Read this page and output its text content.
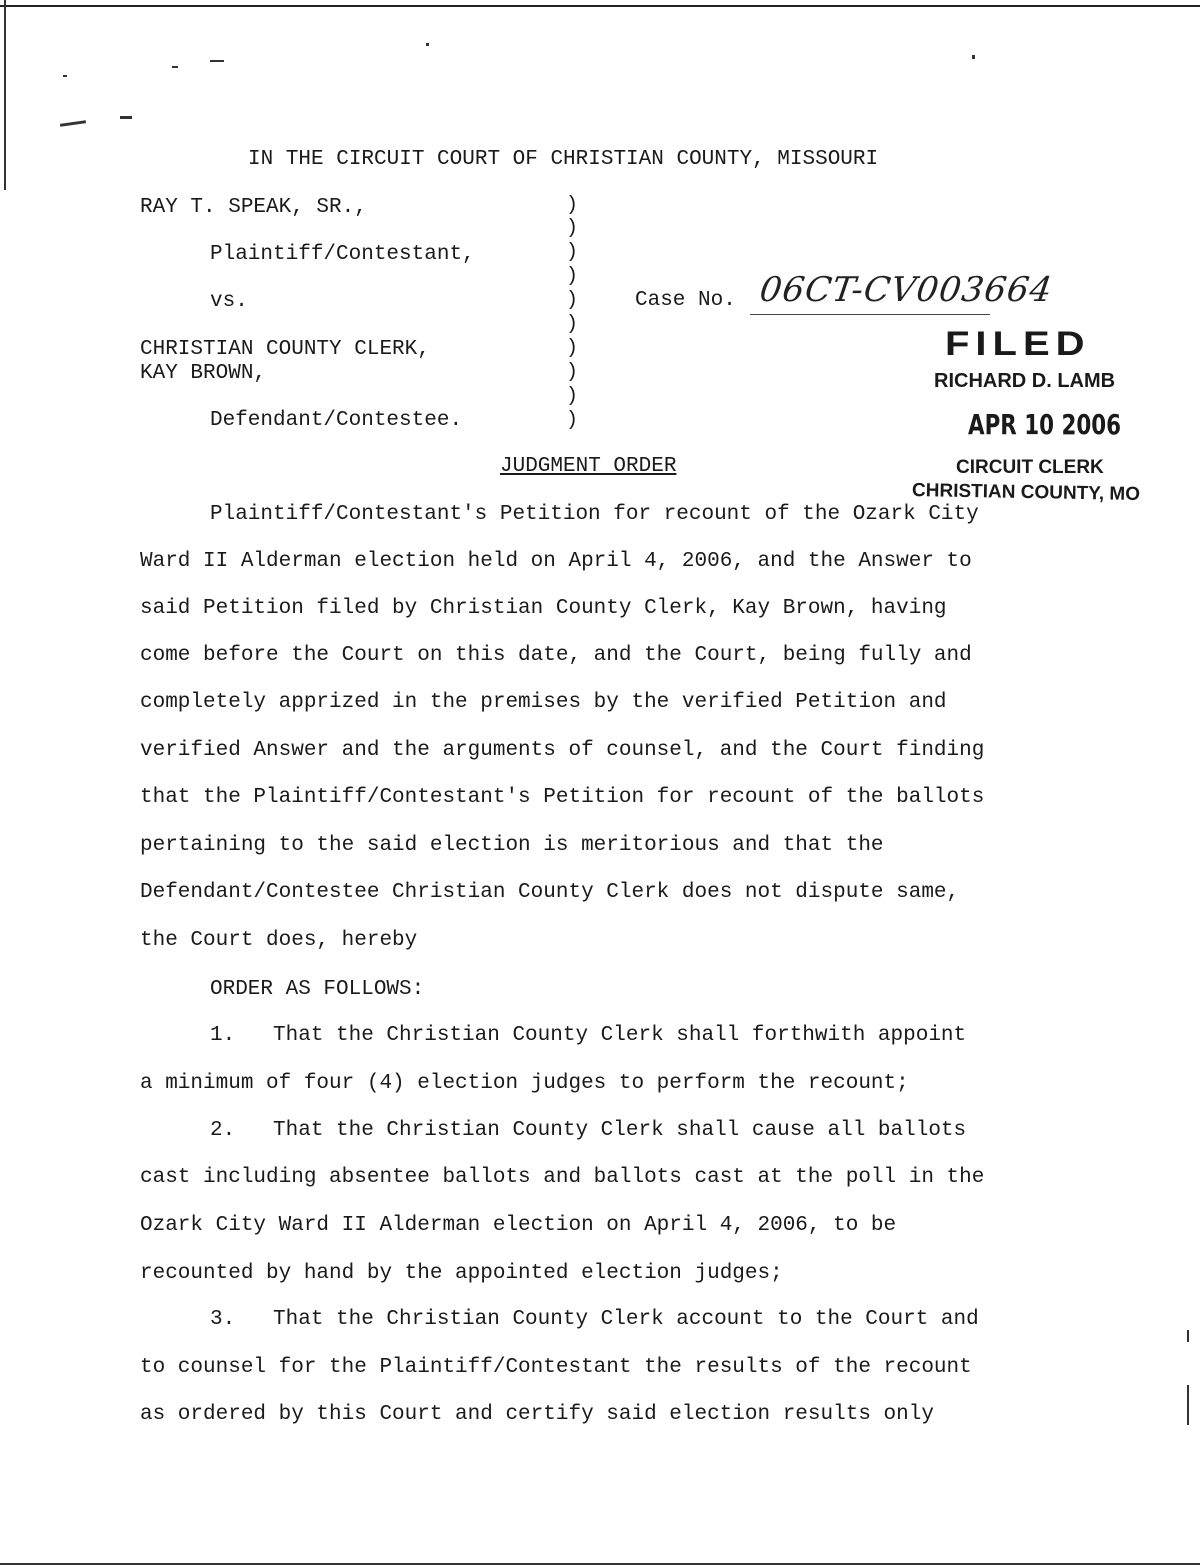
IN THE CIRCUIT COURT OF CHRISTIAN COUNTY, MISSOURI
RAY T. SPEAK, SR.,
Plaintiff/Contestant,
vs.
CHRISTIAN COUNTY CLERK,
KAY BROWN,
Defendant/Contestee.
)
)
)
)
)
)
)
)
)
)
Case No. 06CT-CV003664
FILED
RICHARD D. LAMB
APR 10 2006
CIRCUIT CLERK
CHRISTIAN COUNTY, MO
JUDGMENT ORDER
Plaintiff/Contestant's Petition for recount of the Ozark City
Ward II Alderman election held on April 4, 2006, and the Answer to
said Petition filed by Christian County Clerk, Kay Brown, having
come before the Court on this date, and the Court, being fully and
completely apprized in the premises by the verified Petition and
verified Answer and the arguments of counsel, and the Court finding
that the Plaintiff/Contestant's Petition for recount of the ballots
pertaining to the said election is meritorious and that the
Defendant/Contestee Christian County Clerk does not dispute same,
the Court does, hereby
ORDER AS FOLLOWS:
1.   That the Christian County Clerk shall forthwith appoint
a minimum of four (4) election judges to perform the recount;
2.   That the Christian County Clerk shall cause all ballots
cast including absentee ballots and ballots cast at the poll in the
Ozark City Ward II Alderman election on April 4, 2006, to be
recounted by hand by the appointed election judges;
3.   That the Christian County Clerk account to the Court and
to counsel for the Plaintiff/Contestant the results of the recount
as ordered by this Court and certify said election results only
